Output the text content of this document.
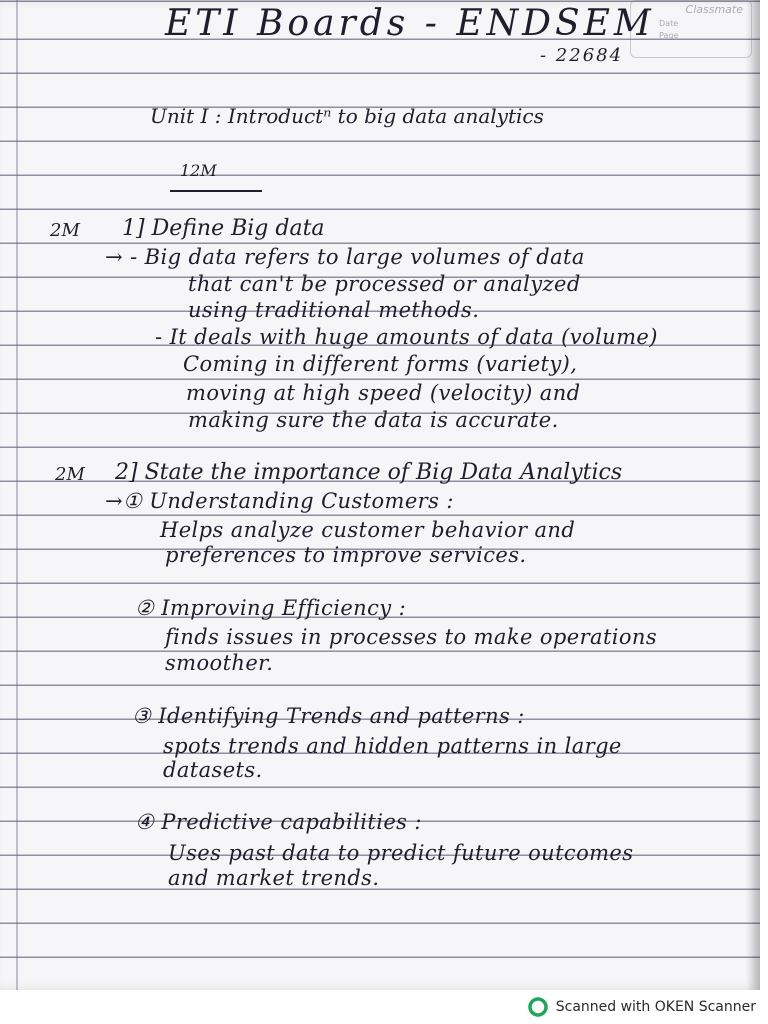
Classmate
Date
Page
ETI Boards - ENDSEM
- 22684
Unit I : Introductⁿ to big data analytics
12M
2M 1] Define Big data
→ - Big data refers to large volumes of data
that can't be processed or analyzed
using traditional methods.
- It deals with huge amounts of data (volume)
Coming in different forms (variety),
moving at high speed (velocity) and
making sure the data is accurate.
2M 2] State the importance of Big Data Analytics
→① Understanding Customers :
Helps analyze customer behavior and
preferences to improve services.
② Improving Efficiency :
finds issues in processes to make operations
smoother.
③ Identifying Trends and patterns :
spots trends and hidden patterns in large
datasets.
④ Predictive capabilities :
Uses past data to predict future outcomes
and market trends.
Scanned with OKEN Scanner
